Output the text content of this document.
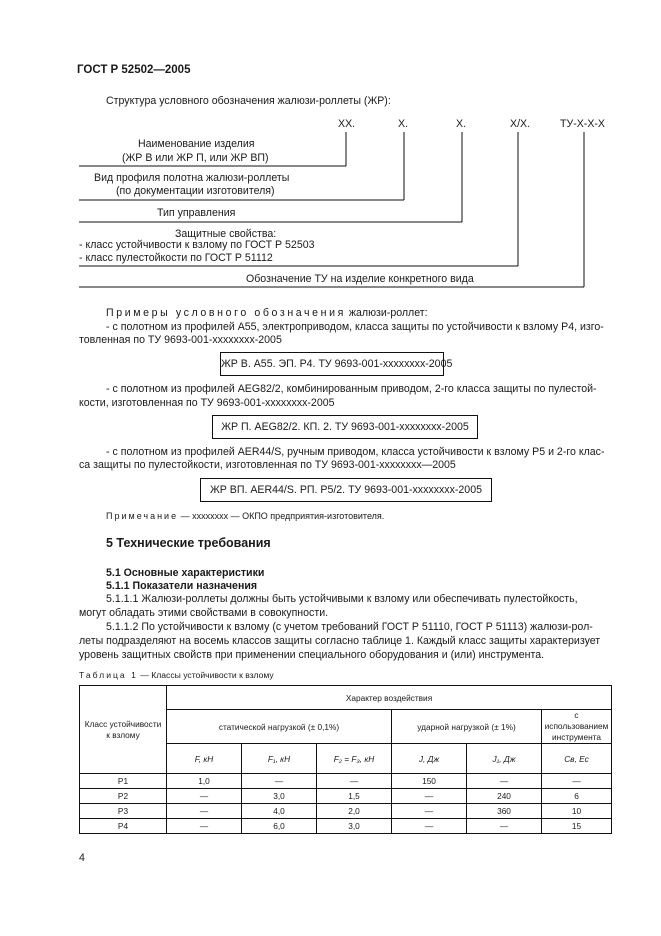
ГОСТ Р 52502—2005
Структура условного обозначения жалюзи-роллеты (ЖР):
ХХ.	Х.	Х.	Х/Х.	ТУ-Х-Х-Х
Наименование изделия
(ЖР В или ЖР П, или ЖР ВП)
Вид профиля полотна жалюзи-роллеты
(по документации изготовителя)
Тип управления
Защитные свойства:
- класс устойчивости к взлому по ГОСТ Р 52503
- класс пулестойкости по ГОСТ Р 51112
Обозначение ТУ на изделие конкретного вида
Примеры условного обозначения жалюзи-роллет:
- с полотном из профилей А55, электроприводом, класса защиты по устойчивости к взлому Р4, изго-
товленная по ТУ 9693-001-хххххххх-2005
ЖР В. А55. ЭП. Р4. ТУ 9693-001-хххххххх-2005
- с полотном из профилей AEG82/2, комбинированным приводом, 2-го класса защиты по пулестой-
кости, изготовленная по ТУ 9693-001-хххххххх-2005
ЖР П. AEG82/2. КП. 2. ТУ 9693-001-хххххххх-2005
- с полотном из профилей AER44/S, ручным приводом, класса устойчивости к взлому Р5 и 2-го клас-
са защиты по пулестойкости, изготовленная по ТУ 9693-001-хххххххх—2005
ЖР ВП. AER44/S. РП. Р5/2. ТУ 9693-001-хххххххх-2005
Примечание — хххххххх — ОКПО предприятия-изготовителя.
5 Технические требования
5.1 Основные характеристики
5.1.1 Показатели назначения
5.1.1.1 Жалюзи-роллеты должны быть устойчивыми к взлому или обеспечивать пулестойкость,
могут обладать этими свойствами в совокупности.
5.1.1.2 По устойчивости к взлому (с учетом требований ГОСТ Р 51110, ГОСТ Р 51113) жалюзи-рол-
леты подразделяют на восемь классов защиты согласно таблице 1. Каждый класс защиты характеризует
уровень защитных свойств при применении специального оборудования и (или) инструмента.
Таблица 1 — Классы устойчивости к взлому
Класс устойчивости к взлому	Характер воздействия					
	статической нагрузкой (± 0,1%)			ударной нагрузкой (± 1%)		с использованием инструмента
	F, кН	F₁, кН	F₂ = F₃, кН	J, Дж	J₁, Дж	Cв, Ес
Р1	1,0	—	—	150	—	—
Р2	—	3,0	1,5	—	240	6
Р3	—	4,0	2,0	—	360	10
Р4	—	6,0	3,0	—	—	15
4
